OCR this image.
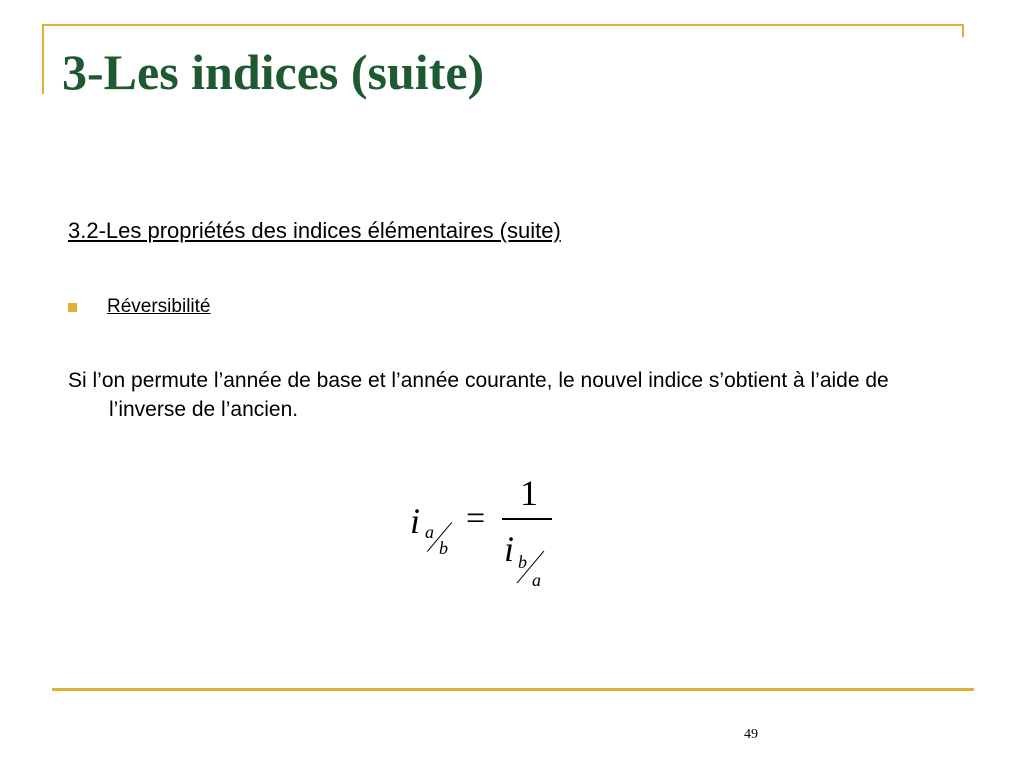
3-Les indices (suite)
3.2-Les propriétés des indices élémentaires (suite)
Réversibilité
Si l’on permute l’année de base et l’année courante, le nouvel indice s’obtient à l’aide de l’inverse de l’ancien.
i a
b
=
1
i b
a
49
